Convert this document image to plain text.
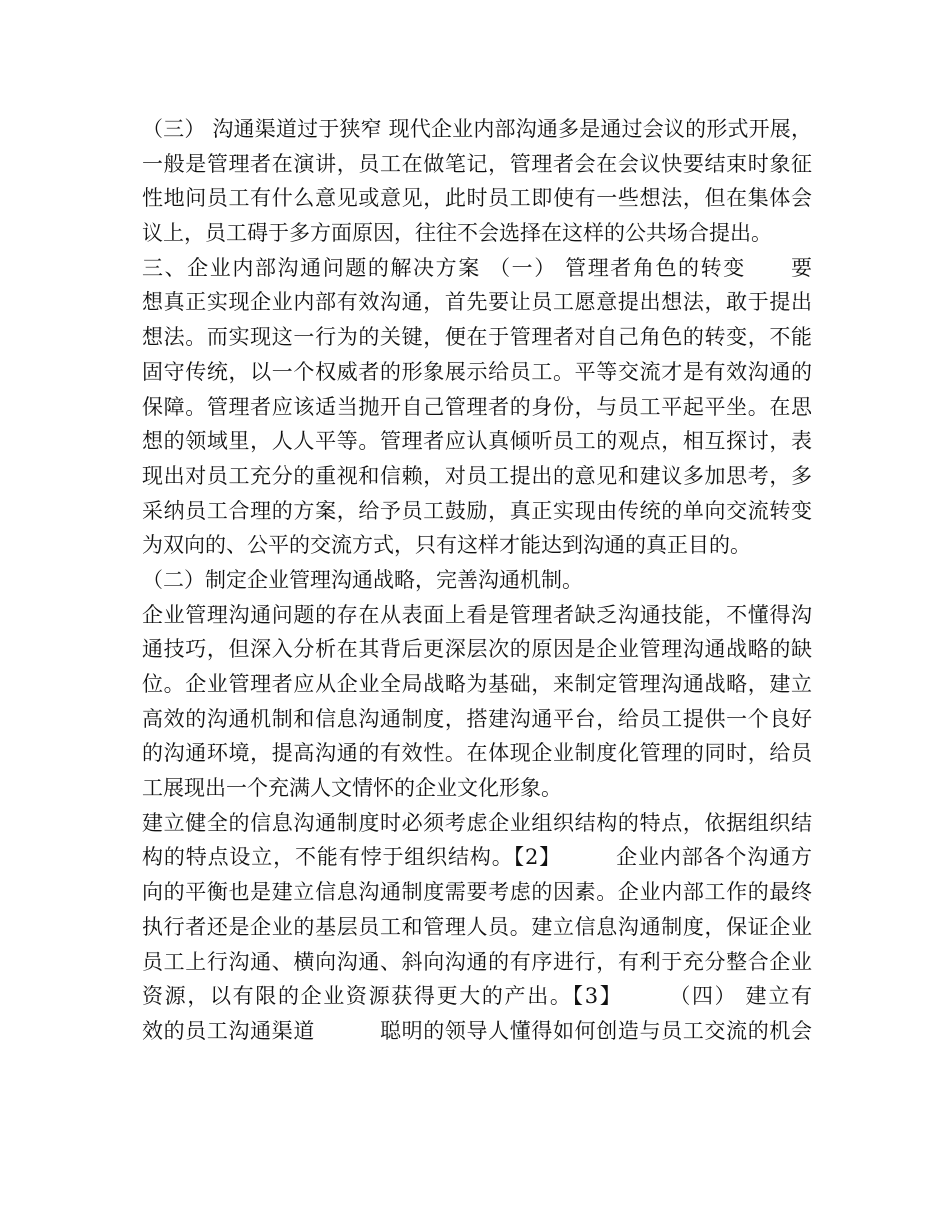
（三） 沟通渠道过于狭窄 现代企业内部沟通多是通过会议的形式开展，
一般是管理者在演讲，员工在做笔记，管理者会在会议快要结束时象征
性地问员工有什么意见或意见，此时员工即使有一些想法，但在集体会
议上，员工碍于多方面原因，往往不会选择在这样的公共场合提出。
三、企业内部沟通问题的解决方案 （一） 管理者角色的转变　　要
想真正实现企业内部有效沟通，首先要让员工愿意提出想法，敢于提出
想法。而实现这一行为的关键，便在于管理者对自己角色的转变，不能
固守传统，以一个权威者的形象展示给员工。平等交流才是有效沟通的
保障。管理者应该适当抛开自己管理者的身份，与员工平起平坐。在思
想的领域里，人人平等。管理者应认真倾听员工的观点，相互探讨，表
现出对员工充分的重视和信赖，对员工提出的意见和建议多加思考，多
采纳员工合理的方案，给予员工鼓励，真正实现由传统的单向交流转变
为双向的、公平的交流方式，只有这样才能达到沟通的真正目的。
（二）制定企业管理沟通战略，完善沟通机制。
企业管理沟通问题的存在从表面上看是管理者缺乏沟通技能，不懂得沟
通技巧，但深入分析在其背后更深层次的原因是企业管理沟通战略的缺
位。企业管理者应从企业全局战略为基础，来制定管理沟通战略，建立
高效的沟通机制和信息沟通制度，搭建沟通平台，给员工提供一个良好
的沟通环境，提高沟通的有效性。在体现企业制度化管理的同时，给员
工展现出一个充满人文情怀的企业文化形象。
建立健全的信息沟通制度时必须考虑企业组织结构的特点，依据组织结
构的特点设立，不能有悖于组织结构。【2】　　　企业内部各个沟通方
向的平衡也是建立信息沟通制度需要考虑的因素。企业内部工作的最终
执行者还是企业的基层员工和管理人员。建立信息沟通制度，保证企业
员工上行沟通、横向沟通、斜向沟通的有序进行，有利于充分整合企业
资源，以有限的企业资源获得更大的产出。【3】　　　（四） 建立有
效的员工沟通渠道　　　聪明的领导人懂得如何创造与员工交流的机会
